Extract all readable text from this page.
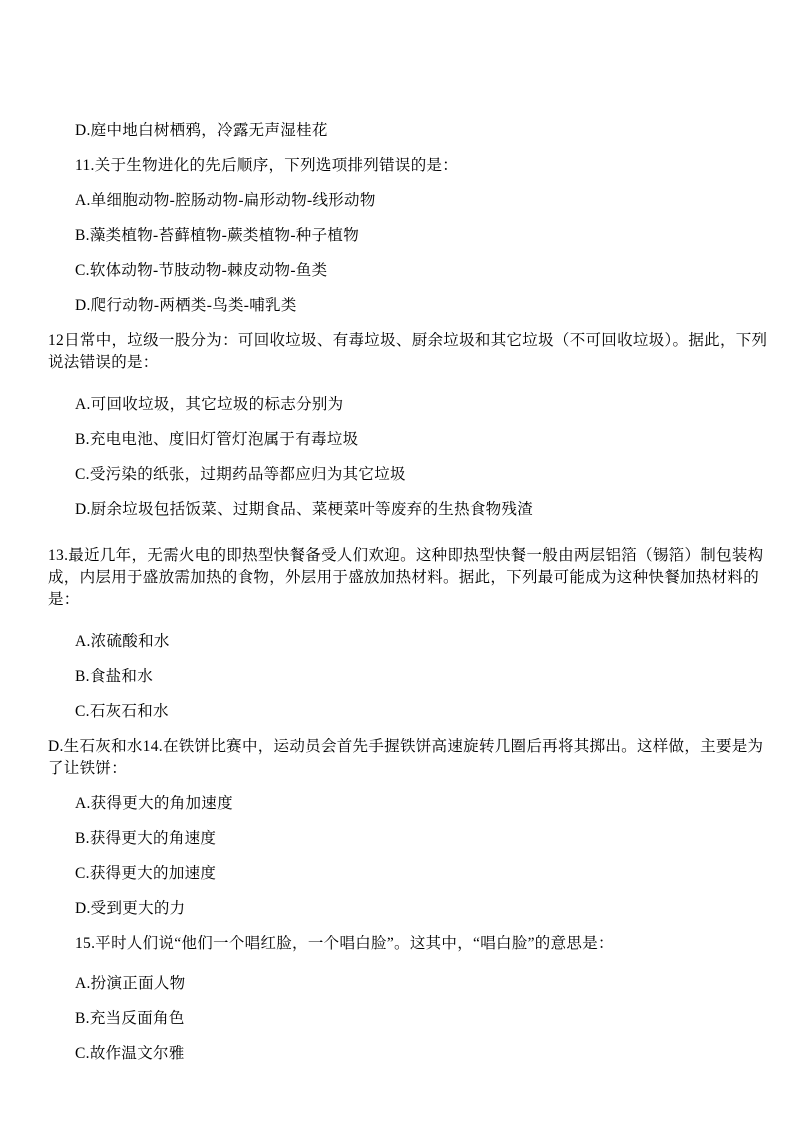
D.庭中地白树栖鸦，冷露无声湿桂花

11.关于生物进化的先后顺序，下列选项排列错误的是：

A.单细胞动物-腔肠动物-扁形动物-线形动物

B.藻类植物-苔藓植物-蕨类植物-种子植物

C.软体动物-节肢动物-棘皮动物-鱼类

D.爬行动物-两栖类-鸟类-哺乳类

12日常中，垃级一股分为：可回收垃圾、有毒垃圾、厨余垃圾和其它垃圾（不可回收垃圾）。据此，下列说法错误的是：

A.可回收垃圾，其它垃圾的标志分别为

B.充电电池、度旧灯管灯泡属于有毒垃圾

C.受污染的纸张，过期药品等都应归为其它垃圾

D.厨余垃圾包括饭菜、过期食品、菜梗菜叶等废弃的生热食物残渣

13.最近几年，无需火电的即热型快餐备受人们欢迎。这种即热型快餐一般由两层铝箔（锡箔）制包装构成，内层用于盛放需加热的食物，外层用于盛放加热材料。据此，下列最可能成为这种快餐加热材料的是：

A.浓硫酸和水

B.食盐和水

C.石灰石和水

D.生石灰和水14.在铁饼比赛中，运动员会首先手握铁饼高速旋转几圈后再将其掷出。这样做，主要是为了让铁饼：

A.获得更大的角加速度

B.获得更大的角速度

C.获得更大的加速度

D.受到更大的力

15.平时人们说“他们一个唱红脸，一个唱白脸”。这其中，“唱白脸”的意思是：

A.扮演正面人物

B.充当反面角色

C.故作温文尔雅
